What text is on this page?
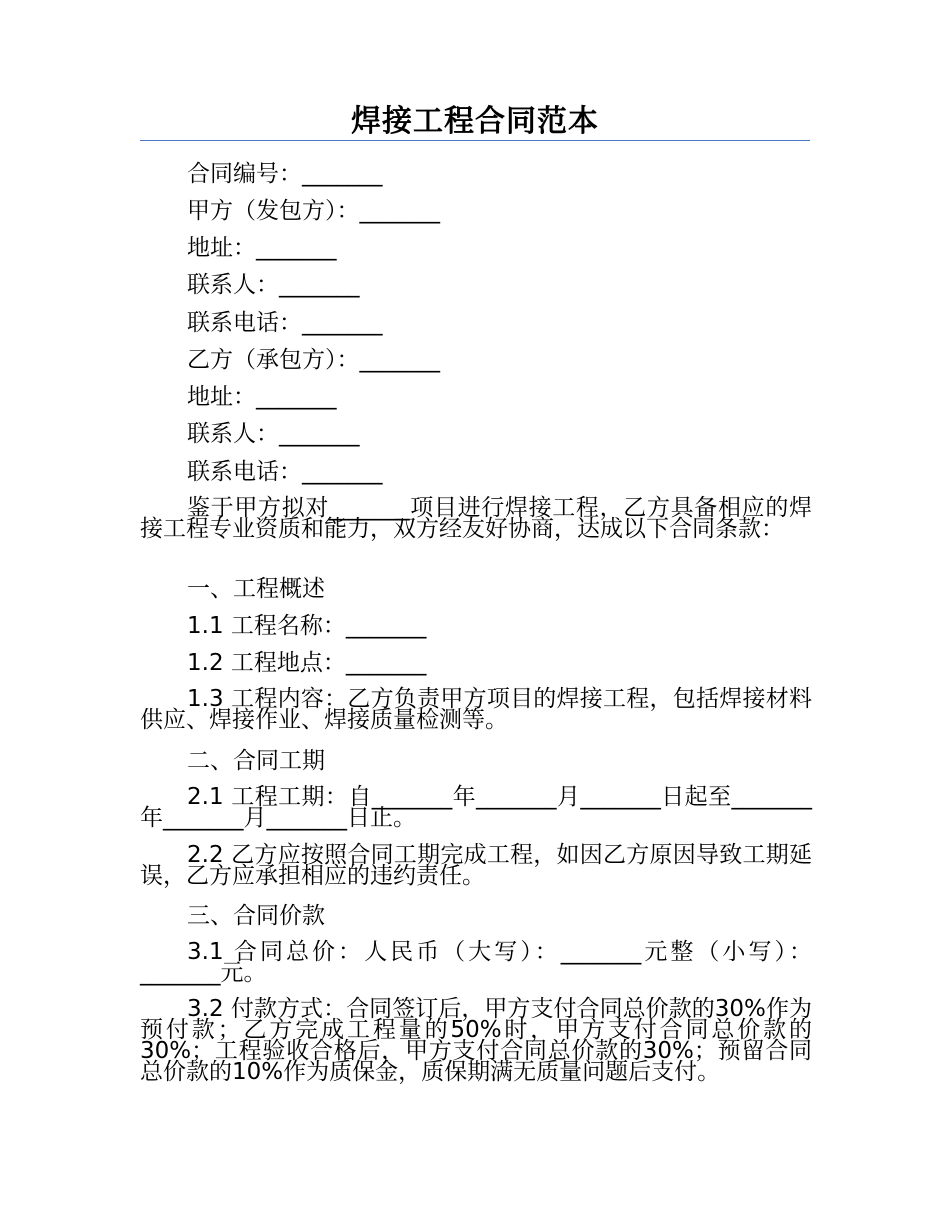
焊接工程合同范本
合同编号：_______
甲方（发包方）：_______
地址：_______
联系人：_______
联系电话：_______
乙方（承包方）：_______
地址：_______
联系人：_______
联系电话：_______

鉴于甲方拟对_______项目进行焊接工程，乙方具备相应的焊接工程专业资质和能力，双方经友好协商，达成以下合同条款：

一、工程概述
1.1 工程名称：_______
1.2 工程地点：_______

1.3 工程内容：乙方负责甲方项目的焊接工程，包括焊接材料供应、焊接作业、焊接质量检测等。

二、合同工期

2.1 工程工期：自_______年_______月_______日起至_______年_______月_______日止。

2.2 乙方应按照合同工期完成工程，如因乙方原因导致工期延误，乙方应承担相应的违约责任。

三、合同价款

3.1 合同总价：人民币（大写）：_______元整（小写）：_______元。

3.2 付款方式：合同签订后，甲方支付合同总价款的30%作为预付款；乙方完成工程量的50%时，甲方支付合同总价款的30%；工程验收合格后，甲方支付合同总价款的30%；预留合同总价款的10%作为质保金，质保期满无质量问题后支付。
